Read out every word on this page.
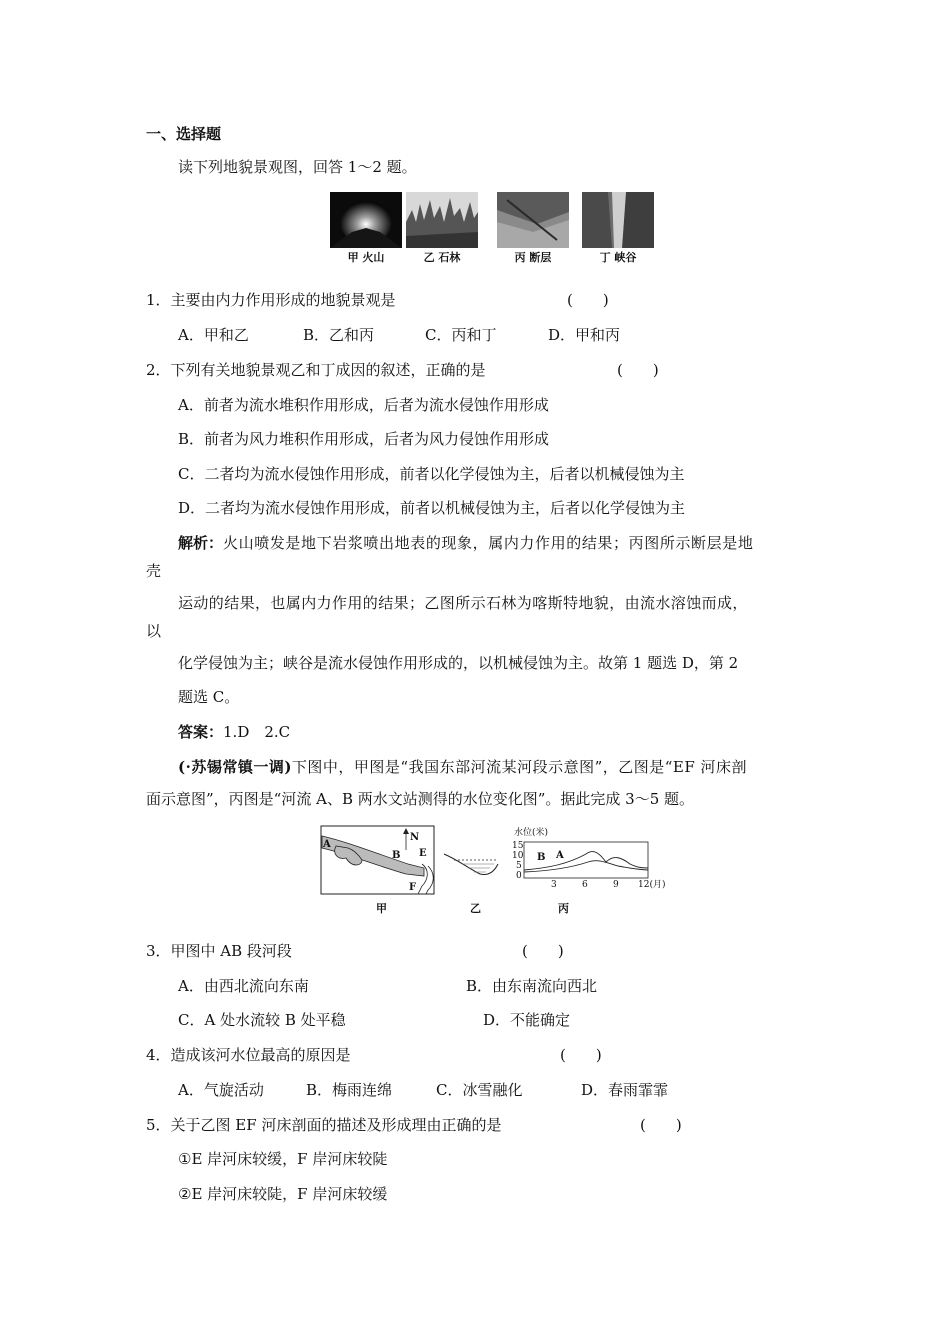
一、选择题
读下列地貌景观图，回答 1～2 题。
甲 火山	乙 石林	丙 断层	丁 峡谷
1．主要由内力作用形成的地貌景观是	(　　)
A．甲和乙	B．乙和丙	C．丙和丁	D．甲和丙
2．下列有关地貌景观乙和丁成因的叙述，正确的是	(　　)
A．前者为流水堆积作用形成，后者为流水侵蚀作用形成
B．前者为风力堆积作用形成，后者为风力侵蚀作用形成
C．二者均为流水侵蚀作用形成，前者以化学侵蚀为主，后者以机械侵蚀为主
D．二者均为流水侵蚀作用形成，前者以机械侵蚀为主，后者以化学侵蚀为主
解析：火山喷发是地下岩浆喷出地表的现象，属内力作用的结果；丙图所示断层是地
壳
运动的结果，也属内力作用的结果；乙图所示石林为喀斯特地貌，由流水溶蚀而成，
以
化学侵蚀为主；峡谷是流水侵蚀作用形成的，以机械侵蚀为主。故第 1 题选 D，第 2
题选 C。
答案：1.D　2.C
(·苏锡常镇一调)下图中，甲图是“我国东部河流某河段示意图”，乙图是“EF 河床剖
面示意图”，丙图是“河流 A、B 两水文站测得的水位变化图”。据此完成 3～5 题。
A
B E
F
N	水位(米)
15
10
5
0
3	6	9 12(月)
B A
甲	乙	丙
3．甲图中 AB 段河段	(　　)
A．由西北流向东南	B．由东南流向西北
C．A 处水流较 B 处平稳	D．不能确定
4．造成该河水位最高的原因是	(　　)
A．气旋活动	B．梅雨连绵	C．冰雪融化	D．春雨霏霏
5．关于乙图 EF 河床剖面的描述及形成理由正确的是	(　　)
①E 岸河床较缓，F 岸河床较陡
②E 岸河床较陡，F 岸河床较缓
